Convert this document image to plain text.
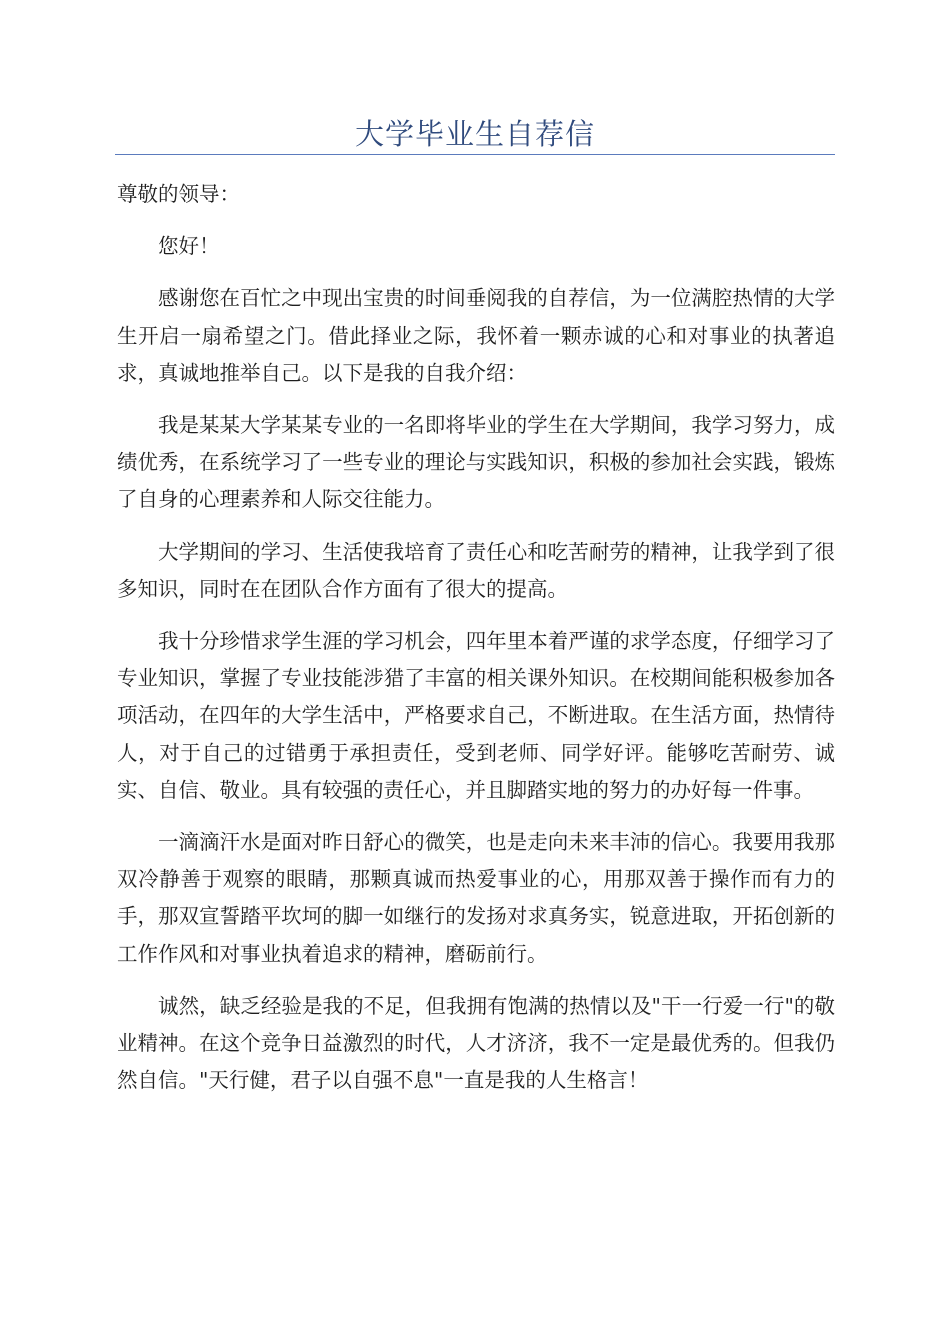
大学毕业生自荐信

尊敬的领导：

您好！

感谢您在百忙之中现出宝贵的时间垂阅我的自荐信，为一位满腔热情的大学生开启一扇希望之门。借此择业之际，我怀着一颗赤诚的心和对事业的执著追求，真诚地推举自己。以下是我的自我介绍：

我是某某大学某某专业的一名即将毕业的学生在大学期间，我学习努力，成绩优秀，在系统学习了一些专业的理论与实践知识，积极的参加社会实践，锻炼了自身的心理素养和人际交往能力。

大学期间的学习、生活使我培育了责任心和吃苦耐劳的精神，让我学到了很多知识，同时在在团队合作方面有了很大的提高。

我十分珍惜求学生涯的学习机会，四年里本着严谨的求学态度，仔细学习了专业知识，掌握了专业技能涉猎了丰富的相关课外知识。在校期间能积极参加各项活动，在四年的大学生活中，严格要求自己，不断进取。在生活方面，热情待人，对于自己的过错勇于承担责任，受到老师、同学好评。能够吃苦耐劳、诚实、自信、敬业。具有较强的责任心，并且脚踏实地的努力的办好每一件事。

一滴滴汗水是面对昨日舒心的微笑，也是走向未来丰沛的信心。我要用我那双冷静善于观察的眼睛，那颗真诚而热爱事业的心，用那双善于操作而有力的手，那双宣誓踏平坎坷的脚一如继行的发扬对求真务实，锐意进取，开拓创新的工作作风和对事业执着追求的精神，磨砺前行。

诚然，缺乏经验是我的不足，但我拥有饱满的热情以及"干一行爱一行"的敬业精神。在这个竞争日益激烈的时代，人才济济，我不一定是最优秀的。但我仍然自信。"天行健，君子以自强不息"一直是我的人生格言！
